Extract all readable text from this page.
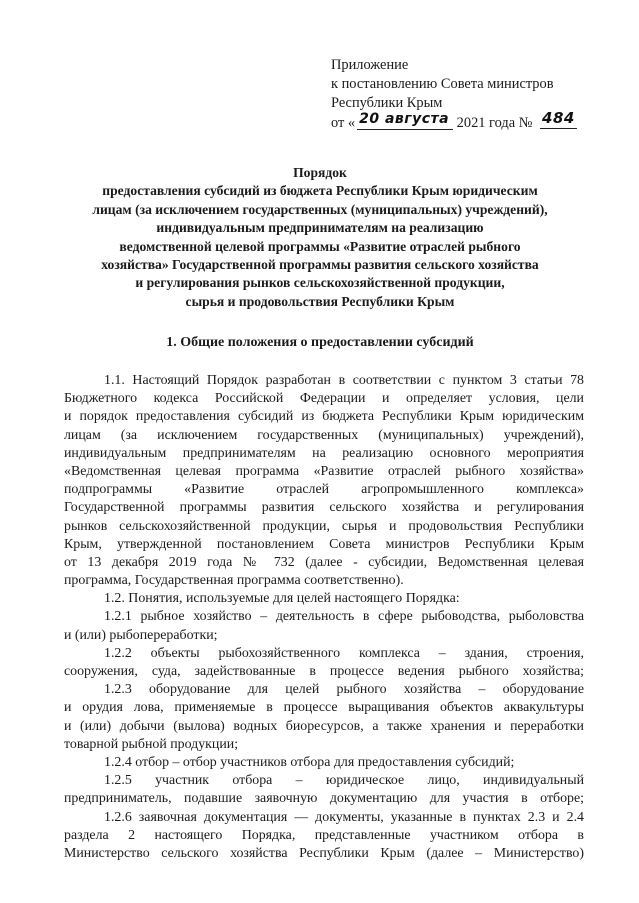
Приложение
к постановлению Совета министров
Республики Крым
от « 20 августа 2021 года № 484
Порядок
предоставления субсидий из бюджета Республики Крым юридическим
лицам (за исключением государственных (муниципальных) учреждений),
индивидуальным предпринимателям на реализацию
ведомственной целевой программы «Развитие отраслей рыбного
хозяйства» Государственной программы развития сельского хозяйства
и регулирования рынков сельскохозяйственной продукции,
сырья и продовольствия Республики Крым
1. Общие положения о предоставлении субсидий
1.1. Настоящий Порядок разработан в соответствии с пунктом 3 статьи 78
Бюджетного кодекса Российской Федерации и определяет условия, цели
и порядок предоставления субсидий из бюджета Республики Крым юридическим
лицам (за исключением государственных (муниципальных) учреждений),
индивидуальным предпринимателям на реализацию основного мероприятия
«Ведомственная целевая программа «Развитие отраслей рыбного хозяйства»
подпрограммы «Развитие отраслей агропромышленного комплекса»
Государственной программы развития сельского хозяйства и регулирования
рынков сельскохозяйственной продукции, сырья и продовольствия Республики
Крым, утвержденной постановлением Совета министров Республики Крым
от 13 декабря 2019 года № 732 (далее - субсидии, Ведомственная целевая
программа, Государственная программа соответственно).
1.2. Понятия, используемые для целей настоящего Порядка:
1.2.1 рыбное хозяйство – деятельность в сфере рыбоводства, рыболовства
и (или) рыбопереработки;
1.2.2 объекты рыбохозяйственного комплекса – здания, строения,
сооружения, суда, задействованные в процессе ведения рыбного хозяйства;
1.2.3 оборудование для целей рыбного хозяйства – оборудование
и орудия лова, применяемые в процессе выращивания объектов аквакультуры
и (или) добычи (вылова) водных биоресурсов, а также хранения и переработки
товарной рыбной продукции;
1.2.4 отбор – отбор участников отбора для предоставления субсидий;
1.2.5 участник отбора – юридическое лицо, индивидуальный
предприниматель, подавшие заявочную документацию для участия в отборе;
1.2.6 заявочная документация — документы, указанные в пунктах 2.3 и 2.4
раздела 2 настоящего Порядка, представленные участником отбора в
Министерство сельского хозяйства Республики Крым (далее – Министерство)
